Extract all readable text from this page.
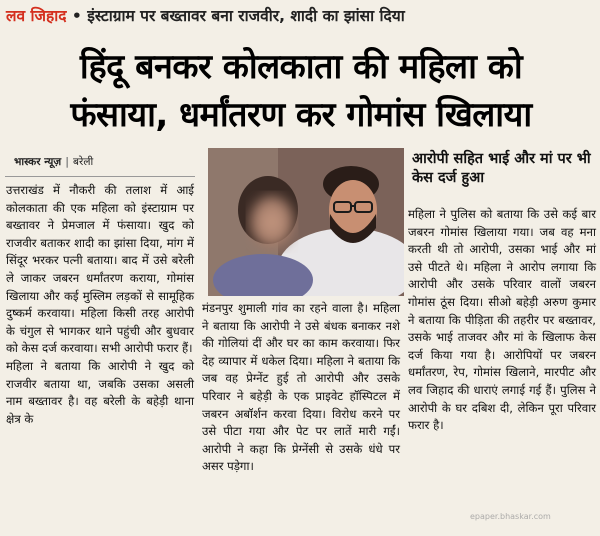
लव जिहाद • इंस्टाग्राम पर बख्तावर बना राजवीर, शादी का झांसा दिया
हिंदू बनकर कोलकाता की महिला को
फंसाया, धर्मांतरण कर गोमांस खिलाया
भास्कर न्यूज़ | बरेली

उत्तराखंड में नौकरी की तलाश में आई कोलकाता की एक महिला को इंस्टाग्राम पर बख्तावर ने प्रेमजाल में फंसाया। खुद को राजवीर बताकर शादी का झांसा दिया, मांग में सिंदूर भरकर पत्नी बताया। बाद में उसे बरेली ले जाकर जबरन धर्मांतरण कराया, गोमांस खिलाया और कई मुस्लिम लड़कों से सामूहिक दुष्कर्म करवाया। महिला किसी तरह आरोपी के चंगुल से भागकर थाने पहुंची और बुधवार को केस दर्ज करवाया। सभी आरोपी फरार हैं।

महिला ने बताया कि आरोपी ने खुद को राजवीर बताया था, जबकि उसका असली नाम बख्तावर है। वह बरेली के बहेड़ी थाना क्षेत्र के

मंडनपुर शुमाली गांव का रहने वाला है। महिला ने बताया कि आरोपी ने उसे बंधक बनाकर नशे की गोलियां दीं और घर का काम करवाया। फिर देह व्यापार में धकेल दिया। महिला ने बताया कि जब वह प्रेग्नेंट हुई तो आरोपी और उसके परिवार ने बहेड़ी के एक प्राइवेट हॉस्पिटल में जबरन अबॉर्शन करवा दिया। विरोध करने पर उसे पीटा गया और पेट पर लातें मारी गईं। आरोपी ने कहा कि प्रेग्नेंसी से उसके धंधे पर असर पड़ेगा।

आरोपी सहित भाई और मां पर भी केस दर्ज हुआ

महिला ने पुलिस को बताया कि उसे कई बार जबरन गोमांस खिलाया गया। जब वह मना करती थी तो आरोपी, उसका भाई और मां उसे पीटते थे। महिला ने आरोप लगाया कि आरोपी और उसके परिवार वालों जबरन गोमांस ठूंस दिया। सीओ बहेड़ी अरुण कुमार ने बताया कि पीड़िता की तहरीर पर बख्तावर, उसके भाई ताजवर और मां के खिलाफ केस दर्ज किया गया है। आरोपियों पर जबरन धर्मांतरण, रेप, गोमांस खिलाने, मारपीट और लव जिहाद की धाराएं लगाई गई हैं। पुलिस ने आरोपी के घर दबिश दी, लेकिन पूरा परिवार फरार है।

epaper.bhaskar.com
